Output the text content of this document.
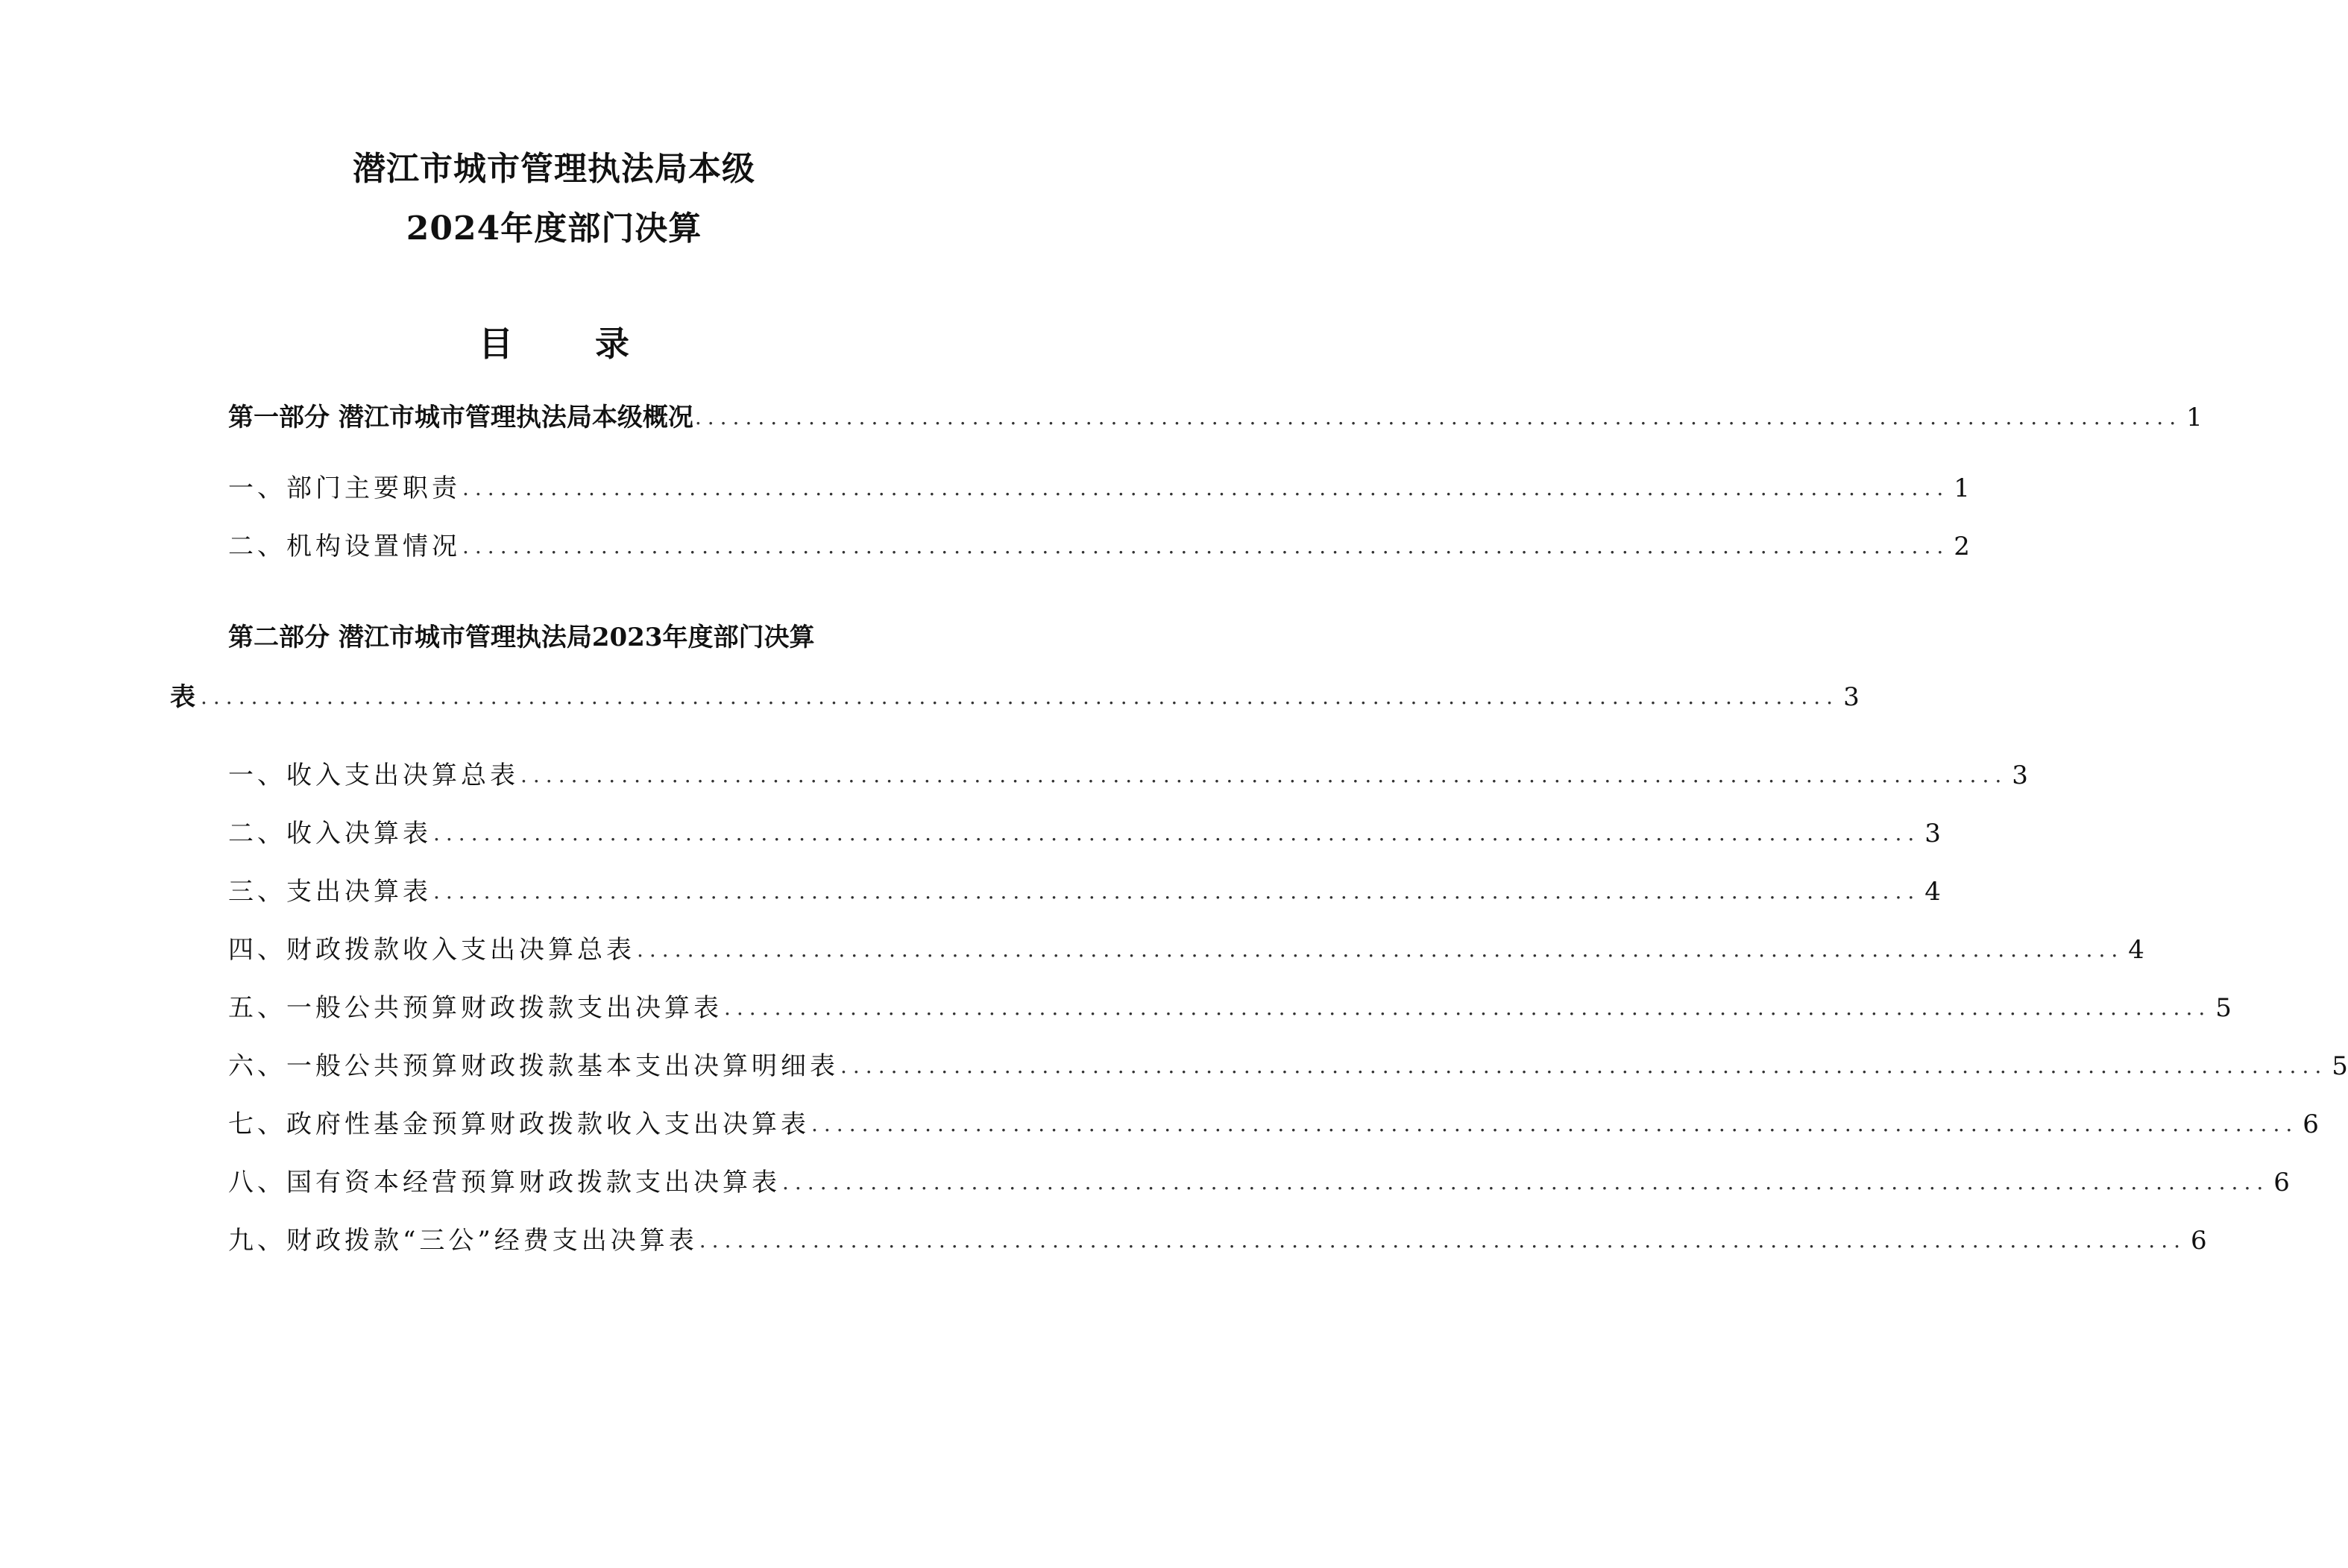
潜江市城市管理执法局本级
2024年度部门决算
目录
第一部分 潜江市城市管理执法局本级概况 ...................................................................................................................... 1
一、部门主要职责 ...................................................................................................................... 1
二、机构设置情况 ...................................................................................................................... 2
第二部分 潜江市城市管理执法局2023年度部门决算
表 .................................................................................................................................. 3
一、收入支出决算总表 ...................................................................................................................... 3
二、收入决算表 ...................................................................................................................... 3
三、支出决算表 ...................................................................................................................... 4
四、财政拨款收入支出决算总表 ...................................................................................................................... 4
五、一般公共预算财政拨款支出决算表 ...................................................................................................................... 5
六、一般公共预算财政拨款基本支出决算明细表 ...................................................................................................................... 5
七、政府性基金预算财政拨款收入支出决算表 ...................................................................................................................... 6
八、国有资本经营预算财政拨款支出决算表 ...................................................................................................................... 6
九、财政拨款“三公”经费支出决算表 ...................................................................................................................... 6
